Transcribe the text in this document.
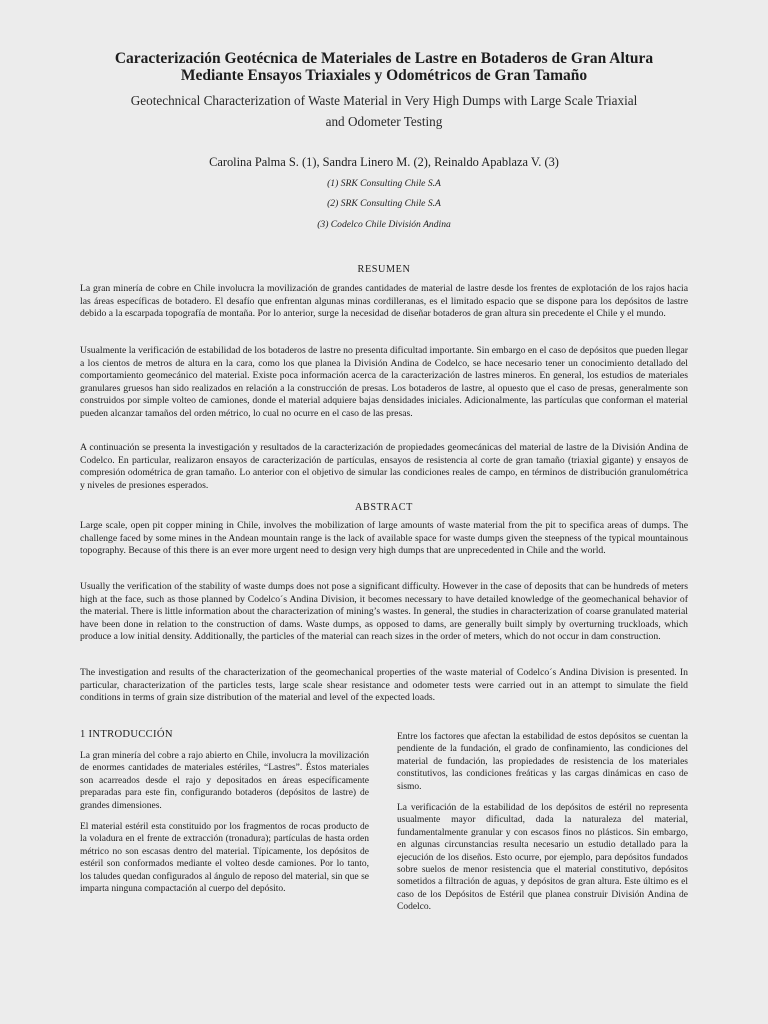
Caracterización Geotécnica de Materiales de Lastre en Botaderos de Gran Altura
Mediante Ensayos Triaxiales y Odométricos de Gran Tamaño
Geotechnical Characterization of Waste Material in Very High Dumps with Large Scale Triaxial
and Odometer Testing
Carolina Palma S. (1), Sandra Linero M. (2), Reinaldo Apablaza V. (3)
(1) SRK Consulting Chile S.A
(2) SRK Consulting Chile S.A
(3) Codelco Chile División Andina
RESUMEN

La gran minería de cobre en Chile involucra la movilización de grandes cantidades de material de lastre desde los frentes de explotación de los rajos hacia las áreas específicas de botadero. El desafío que enfrentan algunas minas cordilleranas, es el limitado espacio que se dispone para los depósitos de lastre debido a la escarpada topografía de montaña. Por lo anterior, surge la necesidad de diseñar botaderos de gran altura sin precedente el Chile y el mundo.

Usualmente la verificación de estabilidad de los botaderos de lastre no presenta dificultad importante. Sin embargo en el caso de depósitos que pueden llegar a los cientos de metros de altura en la cara, como los que planea la División Andina de Codelco, se hace necesario tener un conocimiento detallado del comportamiento geomecánico del material. Existe poca información acerca de la caracterización de lastres mineros. En general, los estudios de materiales granulares gruesos han sido realizados en relación a la construcción de presas. Los botaderos de lastre, al opuesto que el caso de presas, generalmente son construidos por simple volteo de camiones, donde el material adquiere bajas densidades iniciales. Adicionalmente, las partículas que conforman el material pueden alcanzar tamaños del orden métrico, lo cual no ocurre en el caso de las presas.

A continuación se presenta la investigación y resultados de la caracterización de propiedades geomecánicas del material de lastre de la División Andina de Codelco. En particular, realizaron ensayos de caracterización de partículas, ensayos de resistencia al corte de gran tamaño (triaxial gigante) y ensayos de compresión odométrica de gran tamaño. Lo anterior con el objetivo de simular las condiciones reales de campo, en términos de distribución granulométrica y niveles de presiones esperados.

ABSTRACT

Large scale, open pit copper mining in Chile, involves the mobilization of large amounts of waste material from the pit to specifica areas of dumps. The challenge faced by some mines in the Andean mountain range is the lack of available space for waste dumps given the steepness of the typical mountainous topography. Because of this there is an ever more urgent need to design very high dumps that are unprecedented in Chile and the world.

Usually the verification of the stability of waste dumps does not pose a significant difficulty. However in the case of deposits that can be hundreds of meters high at the face, such as those planned by Codelco´s Andina Division, it becomes necessary to have detailed knowledge of the geomechanical behavior of the material. There is little information about the characterization of mining’s wastes. In general, the studies in characterization of coarse granulated material have been done in relation to the construction of dams. Waste dumps, as opposed to dams, are generally built simply by overturning truckloads, which produce a low initial density. Additionally, the particles of the material can reach sizes in the order of meters, which do not occur in dam construction.

The investigation and results of the characterization of the geomechanical properties of the waste material of Codelco´s Andina Division is presented. In particular, characterization of the particles tests, large scale shear resistance and odometer tests were carried out in an attempt to simulate the field conditions in terms of grain size distribution of the material and level of the expected loads.

1 INTRODUCCIÓN

La gran minería del cobre a rajo abierto en Chile, involucra la movilización de enormes cantidades de materiales estériles, “Lastres”. Éstos materiales son acarreados desde el rajo y depositados en áreas específicamente preparadas para este fin, configurando botaderos (depósitos de lastre) de grandes dimensiones.

El material estéril esta constituido por los fragmentos de rocas producto de la voladura en el frente de extracción (tronadura); partículas de hasta orden métrico no son escasas dentro del material. Típicamente, los depósitos de estéril son conformados mediante el volteo desde camiones. Por lo tanto, los taludes quedan configurados al ángulo de reposo del material, sin que se imparta ninguna compactación al cuerpo del depósito.

Entre los factores que afectan la estabilidad de estos depósitos se cuentan la pendiente de la fundación, el grado de confinamiento, las condiciones del material de fundación, las propiedades de resistencia de los materiales constitutivos, las condiciones freáticas y las cargas dinámicas en caso de sismo.

La verificación de la estabilidad de los depósitos de estéril no representa usualmente mayor dificultad, dada la naturaleza del material, fundamentalmente granular y con escasos finos no plásticos. Sin embargo, en algunas circunstancias resulta necesario un estudio detallado para la ejecución de los diseños. Esto ocurre, por ejemplo, para depósitos fundados sobre suelos de menor resistencia que el material constitutivo, depósitos sometidos a filtración de aguas, y depósitos de gran altura. Este último es el caso de los Depósitos de Estéril que planea construir División Andina de Codelco.
